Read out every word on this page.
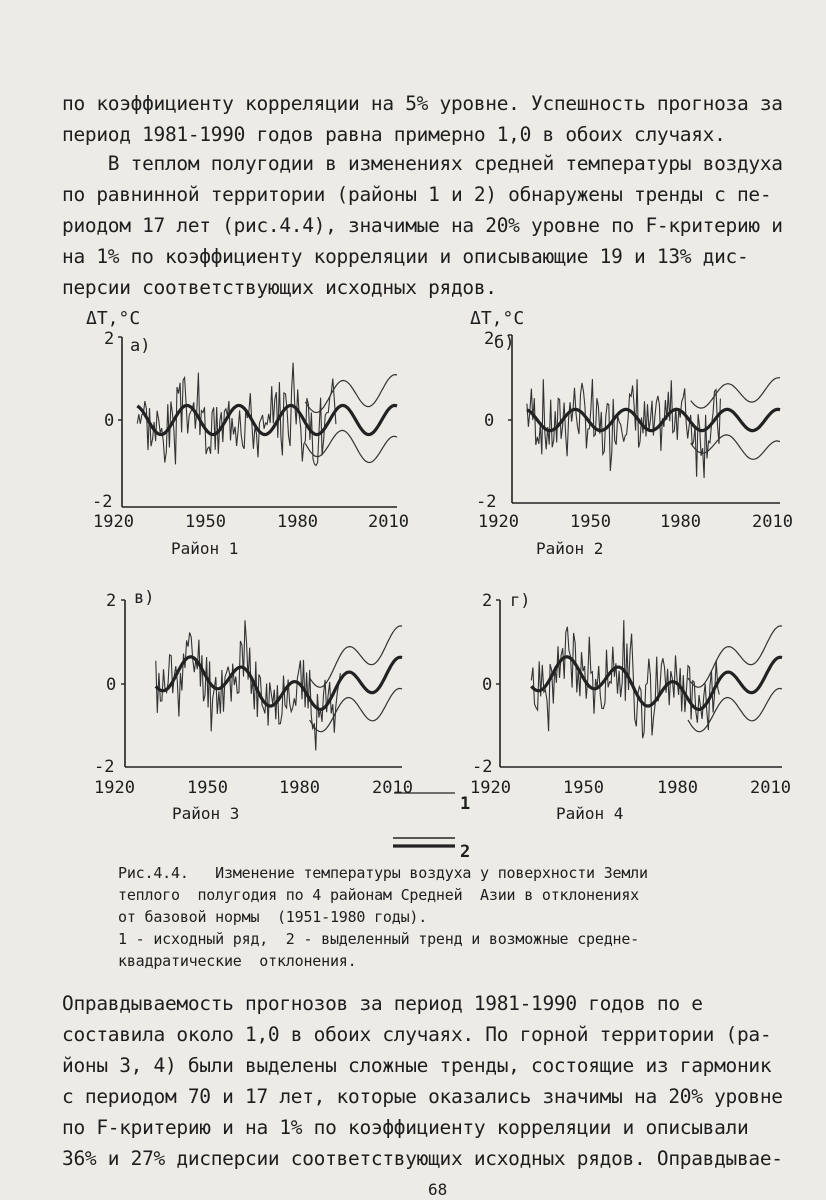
по коэффициенту корреляции на 5% уровне. Успешность прогноза за
период 1981-1990 годов равна примерно 1,0 в обоих случаях.
В теплом полугодии в изменениях средней температуры воздуха
по равнинной территории (районы 1 и 2) обнаружены тренды с пе-
риодом 17 лет (рис.4.4), значимые на 20% уровне по F-критерию и
на 1% по коэффициенту корреляции и описывающие 19 и 13% дис-
персии соответствующих исходных рядов.
ΔT,°C
а)
2
0
-2
1920	1950	1980	2010
Район 1
ΔT,°C
б)
2
0
-2
1920	1950	1980	2010
Район 2
в)
2
0
-2
1920	1950	1980	2010
Район 3
г)
2
0
-2
1920	1950	1980	2010
Район 4
1
2
Рис.4.4.   Изменение температуры воздуха у поверхности Земли
теплого  полугодия по 4 районам Средней  Азии в отклонениях
от базовой нормы  (1951-1980 годы).
1 - исходный ряд,  2 - выделенный тренд и возможные средне-
квадратические  отклонения.
Оправдываемость прогнозов за период 1981-1990 годов по е
составила около 1,0 в обоих случаях. По горной территории (ра-
йоны 3, 4) были выделены сложные тренды, состоящие из гармоник
с периодом 70 и 17 лет, которые оказались значимы на 20% уровне
по F-критерию и на 1% по коэффициенту корреляции и описывали
36% и 27% дисперсии соответствующих исходных рядов. Оправдывае-
68
